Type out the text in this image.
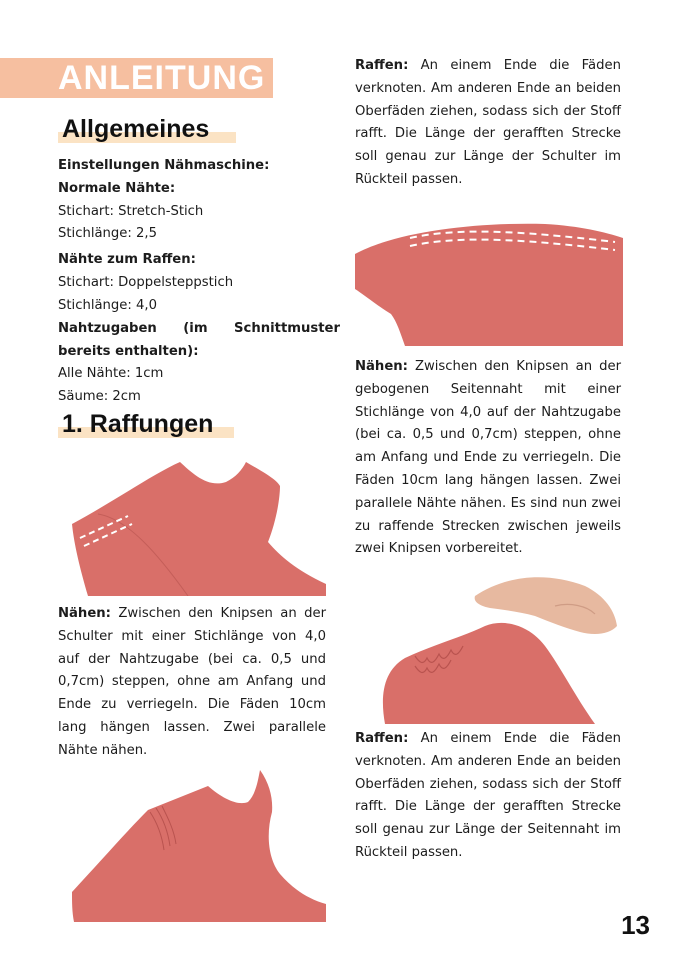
ANLEITUNG
Allgemeines
Einstellungen Nähmaschine:
Normale Nähte:
Stichart: Stretch-Stich
Stichlänge: 2,5
Nähte zum Raffen:
Stichart: Doppelsteppstich
Stichlänge: 4,0
Nahtzugaben (im Schnittmuster bereits enthalten):
Alle Nähte: 1cm
Säume: 2cm
1. Raffungen
Nähen: Zwischen den Knipsen an der Schulter mit einer Stichlänge von 4,0 auf der Nahtzugabe (bei ca. 0,5 und 0,7cm) steppen, ohne am Anfang und Ende zu verriegeln. Die Fäden 10cm lang hängen lassen. Zwei parallele Nähte nähen.
Raffen: An einem Ende die Fäden verknoten. Am anderen Ende an beiden Oberfäden ziehen, sodass sich der Stoff rafft. Die Länge der gerafften Strecke soll genau zur Länge der Schulter im Rückteil passen.
Nähen: Zwischen den Knipsen an der gebogenen Seitennaht mit einer Stichlänge von 4,0 auf der Nahtzugabe (bei ca. 0,5 und 0,7cm) steppen, ohne am Anfang und Ende zu verriegeln. Die Fäden 10cm lang hängen lassen. Zwei parallele Nähte nähen. Es sind nun zwei zu raffende Strecken zwischen jeweils zwei Knipsen vorbereitet.
Raffen: An einem Ende die Fäden verknoten. Am anderen Ende an beiden Oberfäden ziehen, sodass sich der Stoff rafft. Die Länge der gerafften Strecke soll genau zur Länge der Seitennaht im Rückteil passen.
13
